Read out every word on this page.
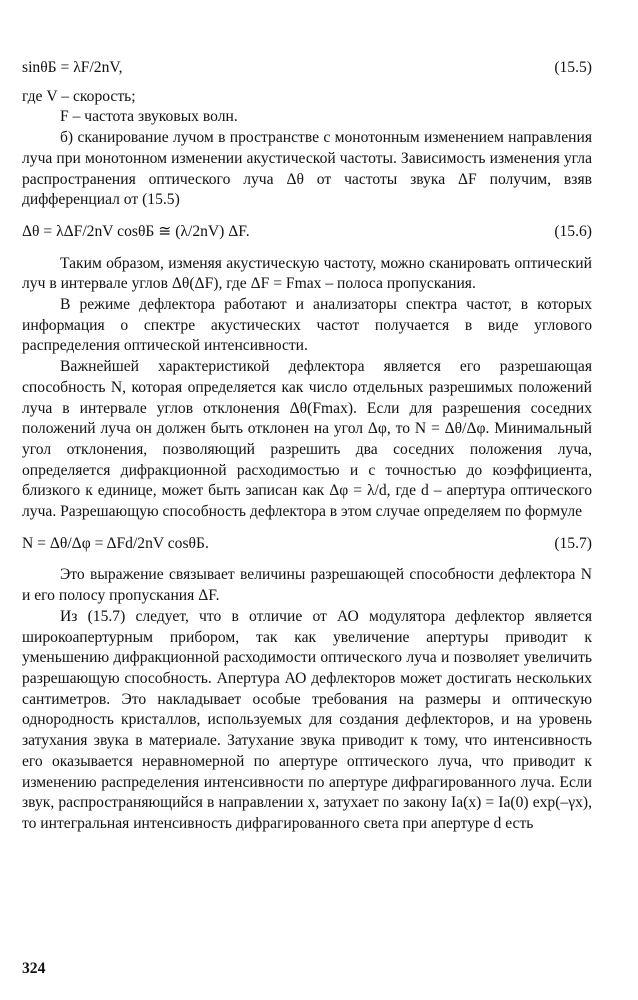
sinθБ = λF/2nV,	(15.5)

где V – скорость;

F – частота звуковых волн.

б) сканирование лучом в пространстве с монотонным изменением направления луча при монотонном изменении акустической частоты. Зависимость изменения угла распространения оптического луча Δθ от частоты звука ΔF получим, взяв дифференциал от (15.5)

Δθ = λΔF/2nV cosθБ ≅ (λ/2nV) ΔF.	(15.6)

Таким образом, изменяя акустическую частоту, можно сканировать оптический луч в интервале углов Δθ(ΔF), где ΔF = Fmax – полоса пропускания.

В режиме дефлектора работают и анализаторы спектра частот, в которых информация о спектре акустических частот получается в виде углового распределения оптической интенсивности.

Важнейшей характеристикой дефлектора является его разрешающая способность N, которая определяется как число отдельных разрешимых положений луча в интервале углов отклонения Δθ(Fmax). Если для разрешения соседних положений луча он должен быть отклонен на угол Δφ, то N = Δθ/Δφ. Минимальный угол отклонения, позволяющий разрешить два соседних положения луча, определяется дифракционной расходимостью и с точностью до коэффициента, близкого к единице, может быть записан как Δφ = λ/d, где d – апертура оптического луча. Разрешающую способность дефлектора в этом случае определяем по формуле

N = Δθ/Δφ = ΔFd/2nV cosθБ.	(15.7)

Это выражение связывает величины разрешающей способности дефлектора N и его полосу пропускания ΔF.

Из (15.7) следует, что в отличие от АО модулятора дефлектор является широкоапертурным прибором, так как увеличение апертуры приводит к уменьшению дифракционной расходимости оптического луча и позволяет увеличить разрешающую способность. Апертура АО дефлекторов может достигать нескольких сантиметров. Это накладывает особые требования на размеры и оптическую однородность кристаллов, используемых для создания дефлекторов, и на уровень затухания звука в материале. Затухание звука приводит к тому, что интенсивность его оказывается неравномерной по апертуре оптического луча, что приводит к изменению распределения интенсивности по апертуре дифрагированного луча. Если звук, распространяющийся в направлении x, затухает по закону Iа(x) = Iа(0) exp(–γx), то интегральная интенсивность дифрагированного света при апертуре d есть

324
